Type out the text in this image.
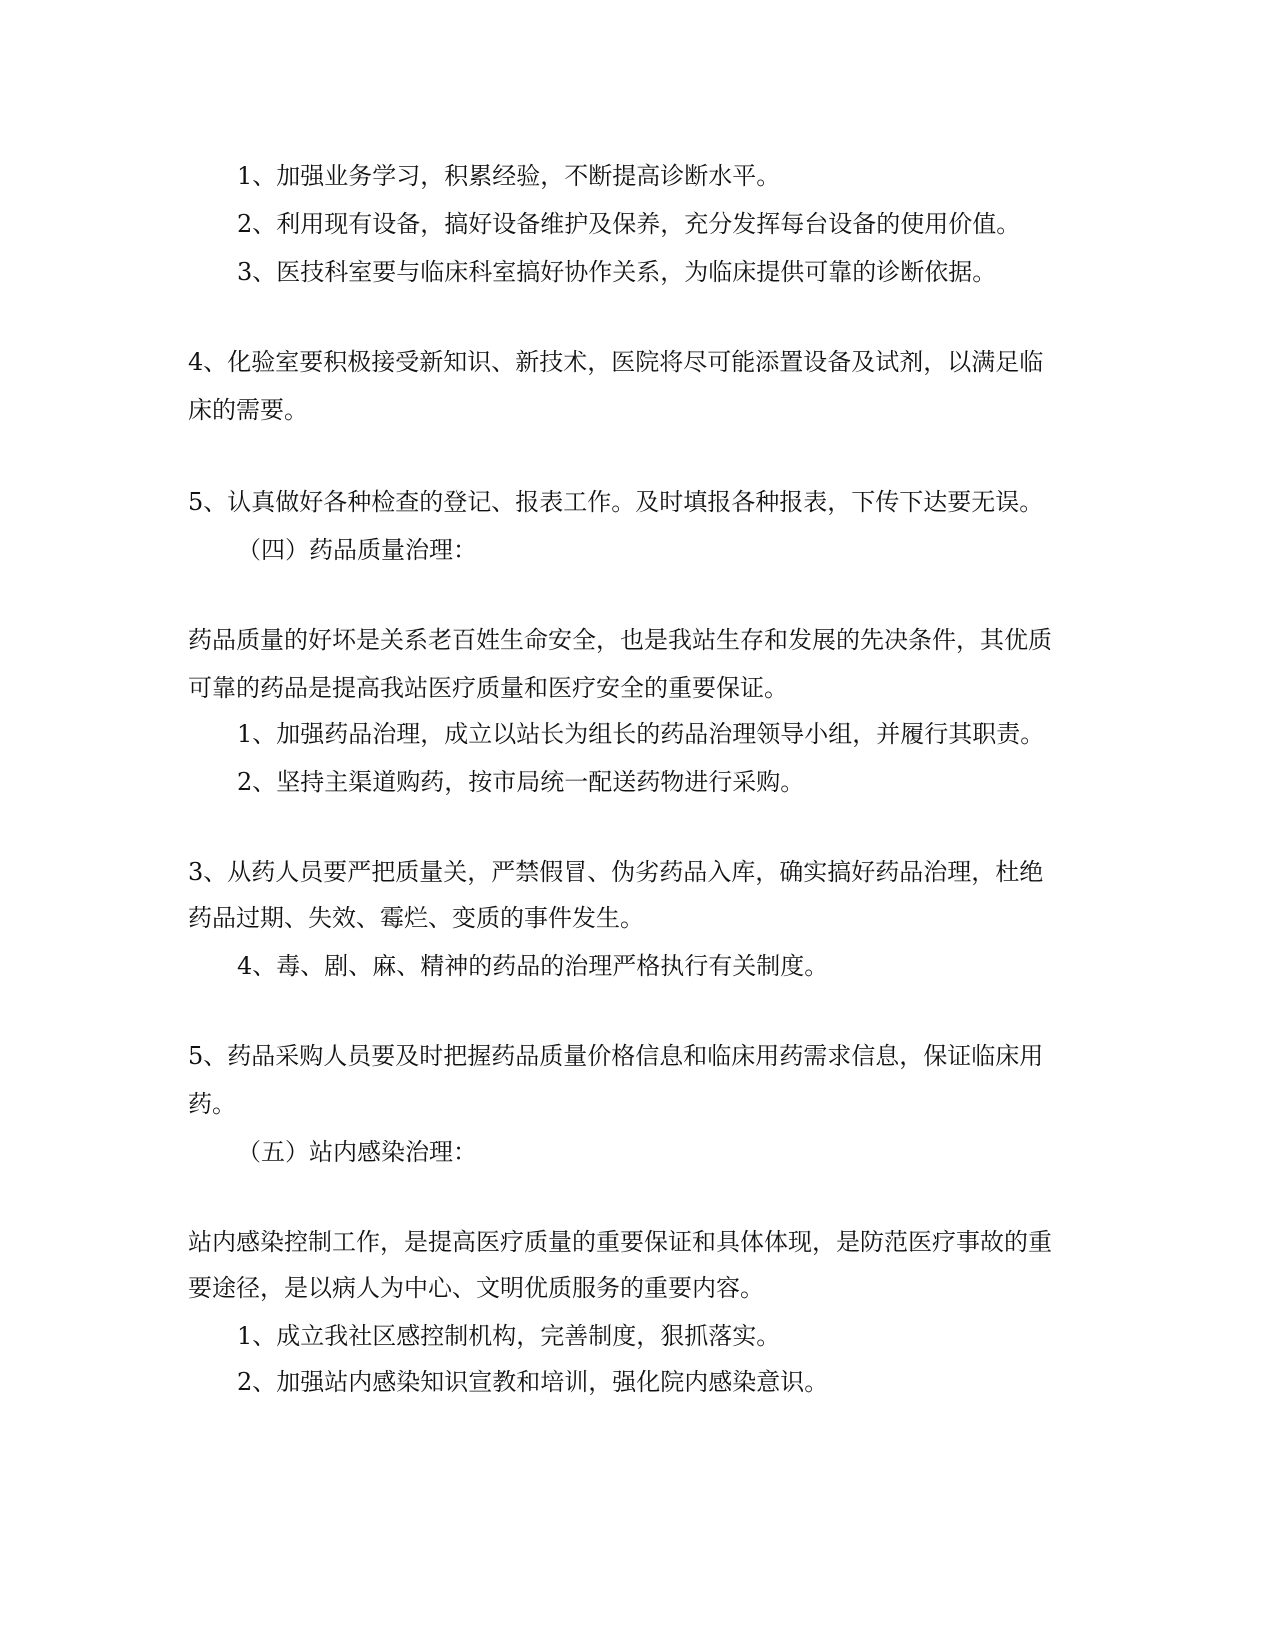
1、加强业务学习，积累经验，不断提高诊断水平。
2、利用现有设备，搞好设备维护及保养，充分发挥每台设备的使用价值。
3、医技科室要与临床科室搞好协作关系，为临床提供可靠的诊断依据。
4、化验室要积极接受新知识、新技术，医院将尽可能添置设备及试剂，以满足临
床的需要。
5、认真做好各种检查的登记、报表工作。及时填报各种报表，下传下达要无误。
（四）药品质量治理：
药品质量的好坏是关系老百姓生命安全，也是我站生存和发展的先决条件，其优质
可靠的药品是提高我站医疗质量和医疗安全的重要保证。
1、加强药品治理，成立以站长为组长的药品治理领导小组，并履行其职责。
2、坚持主渠道购药，按市局统一配送药物进行采购。
3、从药人员要严把质量关，严禁假冒、伪劣药品入库，确实搞好药品治理，杜绝
药品过期、失效、霉烂、变质的事件发生。
4、毒、剧、麻、精神的药品的治理严格执行有关制度。
5、药品采购人员要及时把握药品质量价格信息和临床用药需求信息，保证临床用
药。
（五）站内感染治理：
站内感染控制工作，是提高医疗质量的重要保证和具体体现，是防范医疗事故的重
要途径，是以病人为中心、文明优质服务的重要内容。
1、成立我社区感控制机构，完善制度，狠抓落实。
2、加强站内感染知识宣教和培训，强化院内感染意识。
